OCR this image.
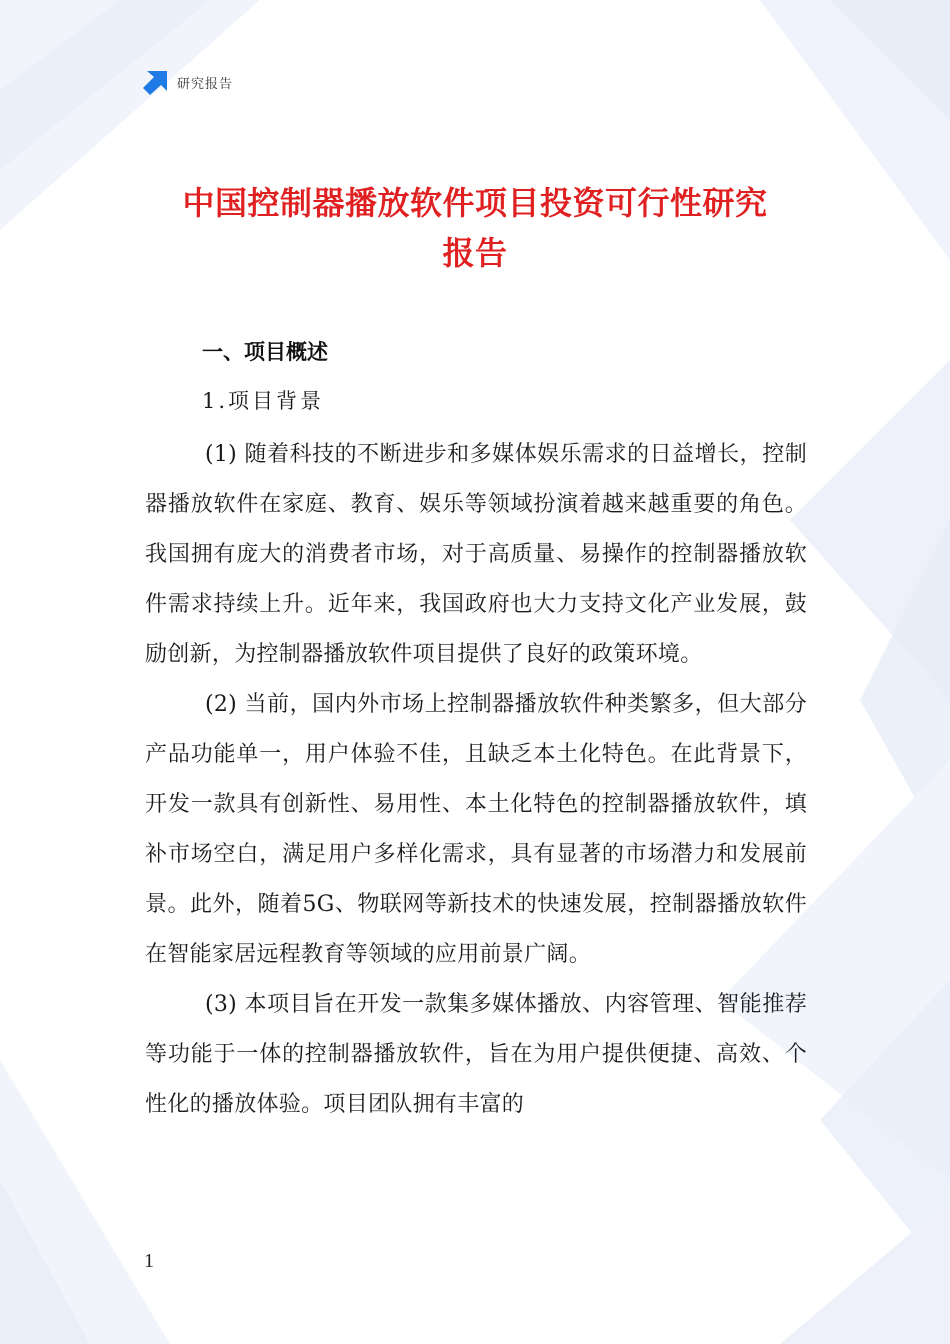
研究报告
中国控制器播放软件项目投资可行性研究
报告
一、项目概述
1.项目背景

(1) 随着科技的不断进步和多媒体娱乐需求的日益增长，控制器播放软件在家庭、教育、娱乐等领域扮演着越来越重要的角色。我国拥有庞大的消费者市场，对于高质量、易操作的控制器播放软件需求持续上升。近年来，我国政府也大力支持文化产业发展，鼓励创新，为控制器播放软件项目提供了良好的政策环境。

(2) 当前，国内外市场上控制器播放软件种类繁多，但大部分产品功能单一，用户体验不佳，且缺乏本土化特色。在此背景下，开发一款具有创新性、易用性、本土化特色的控制器播放软件，填补市场空白，满足用户多样化需求，具有显著的市场潜力和发展前景。此外，随着5G、物联网等新技术的快速发展，控制器播放软件在智能家居远程教育等领域的应用前景广阔。

(3) 本项目旨在开发一款集多媒体播放、内容管理、智能推荐等功能于一体的控制器播放软件，旨在为用户提供便捷、高效、个性化的播放体验。项目团队拥有丰富的

1
